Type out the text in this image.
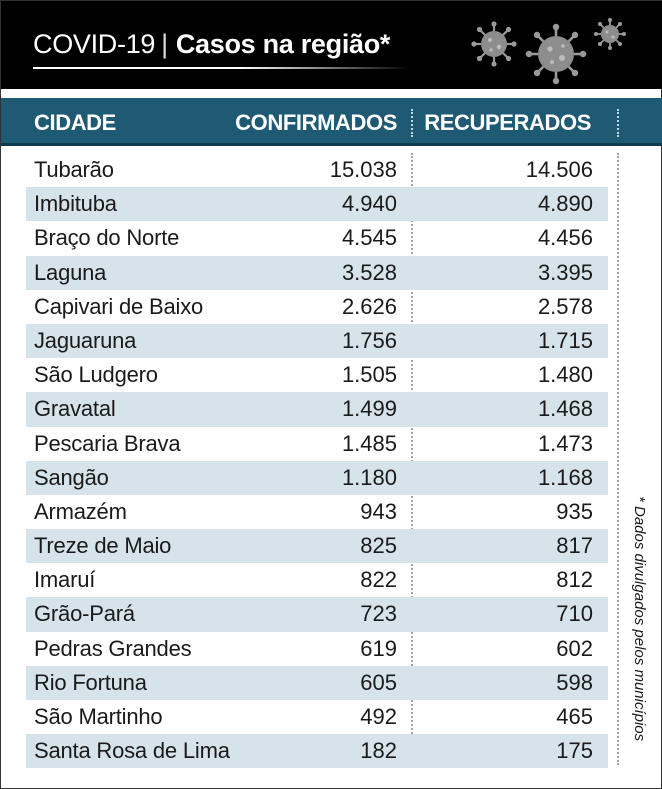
COVID-19 | Casos na região*
CIDADE	CONFIRMADOS RECUPERADOS
Tubarão	15.038	14.506
Imbituba	4.940	4.890
Braço do Norte	4.545	4.456
Laguna	3.528	3.395
Capivari de Baixo	2.626	2.578
Jaguaruna	1.756	1.715
São Ludgero	1.505	1.480
Gravatal	1.499	1.468
Pescaria Brava	1.485	1.473
Sangão	1.180	1.168
Armazém	943	935
Treze de Maio	825	817
Imaruí	822	812
Grão-Pará	723	710
Pedras Grandes	619	602
Rio Fortuna	605	598
São Martinho	492	465
Santa Rosa de Lima	182	175
* Dados divulgados pelos municípios
